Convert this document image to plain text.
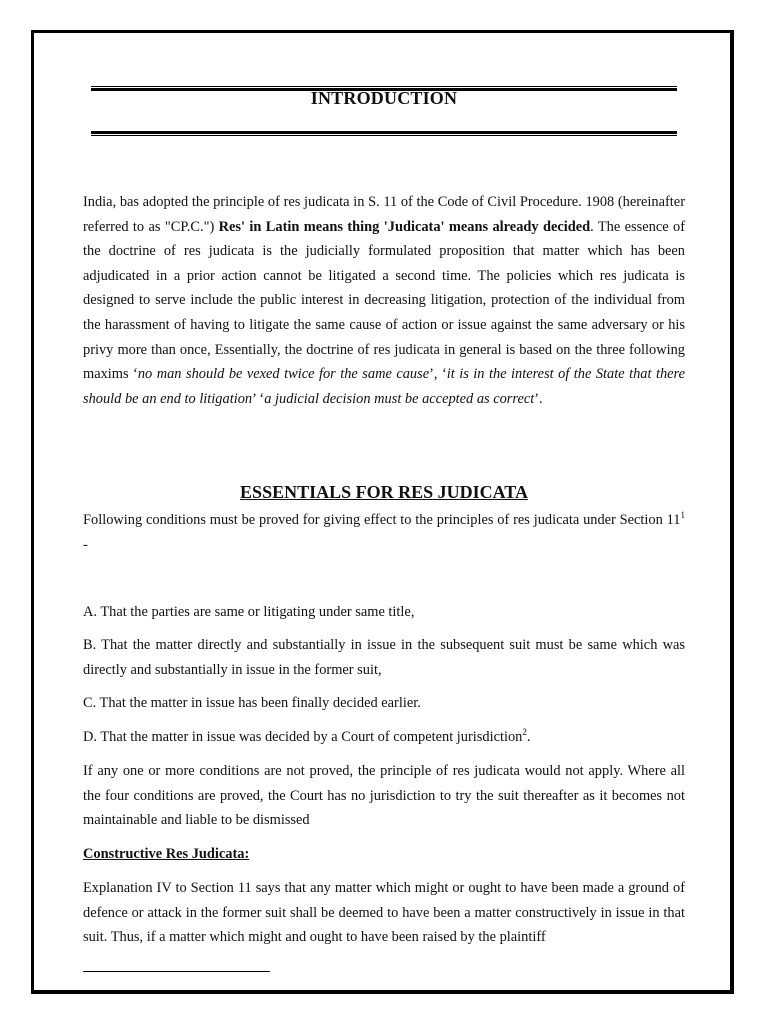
INTRODUCTION

India, bas adopted the principle of res judicata in S. 11 of the Code of Civil Procedure. 1908 (hereinafter referred to as "CP.C.") Res' in Latin means thing 'Judicata' means already decided. The essence of the doctrine of res judicata is the judicially formulated proposition that matter which has been adjudicated in a prior action cannot be litigated a second time. The policies which res judicata is designed to serve include the public interest in decreasing litigation, protection of the individual from the harassment of having to litigate the same cause of action or issue against the same adversary or his privy more than once, Essentially, the doctrine of res judicata in general is based on the three following maxims ‘no man should be vexed twice for the same cause’, ‘it is in the interest of the State that there should be an end to litigation’ ‘a judicial decision must be accepted as correct’.

ESSENTIALS FOR RES JUDICATA

Following conditions must be proved for giving effect to the principles of res judicata under Section $11^1$ -

A. That the parties are same or litigating under same title,

B. That the matter directly and substantially in issue in the subsequent suit must be same which was directly and substantially in issue in the former suit,

C. That the matter in issue has been finally decided earlier.

D. That the matter in issue was decided by a Court of competent jurisdiction$^2$.

If any one or more conditions are not proved, the principle of res judicata would not apply. Where all the four conditions are proved, the Court has no jurisdiction to try the suit thereafter as it becomes not maintainable and liable to be dismissed

Constructive Res Judicata:

Explanation IV to Section 11 says that any matter which might or ought to have been made a ground of defence or attack in the former suit shall be deemed to have been a matter constructively in issue in that suit. Thus, if a matter which might and ought to have been raised by the plaintiff
